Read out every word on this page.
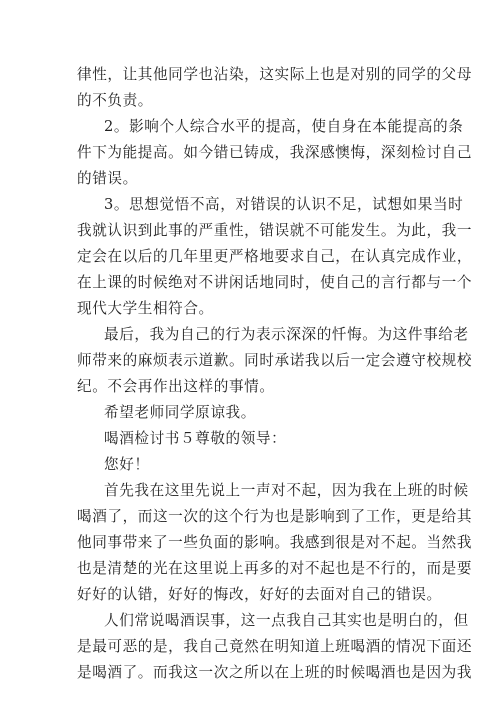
律性，让其他同学也沾染，这实际上也是对别的同学的父母
的不负责。
2。影响个人综合水平的提高，使自身在本能提高的条
件下为能提高。如今错已铸成，我深感懊悔，深刻检讨自己
的错误。
3。思想觉悟不高，对错误的认识不足，试想如果当时
我就认识到此事的严重性，错误就不可能发生。为此，我一
定会在以后的几年里更严格地要求自己，在认真完成作业，
在上课的时候绝对不讲闲话地同时，使自己的言行都与一个
现代大学生相符合。
最后，我为自己的行为表示深深的忏悔。为这件事给老
师带来的麻烦表示道歉。同时承诺我以后一定会遵守校规校
纪。不会再作出这样的事情。
希望老师同学原谅我。
喝酒检讨书５尊敬的领导：
您好！
首先我在这里先说上一声对不起，因为我在上班的时候
喝酒了，而这一次的这个行为也是影响到了工作，更是给其
他同事带来了一些负面的影响。我感到很是对不起。当然我
也是清楚的光在这里说上再多的对不起也是不行的，而是要
好好的认错，好好的悔改，好好的去面对自己的错误。
人们常说喝酒误事，这一点我自己其实也是明白的，但
是最可恶的是，我自己竟然在明知道上班喝酒的情况下面还
是喝酒了。而我这一次之所以在上班的时候喝酒也是因为我
